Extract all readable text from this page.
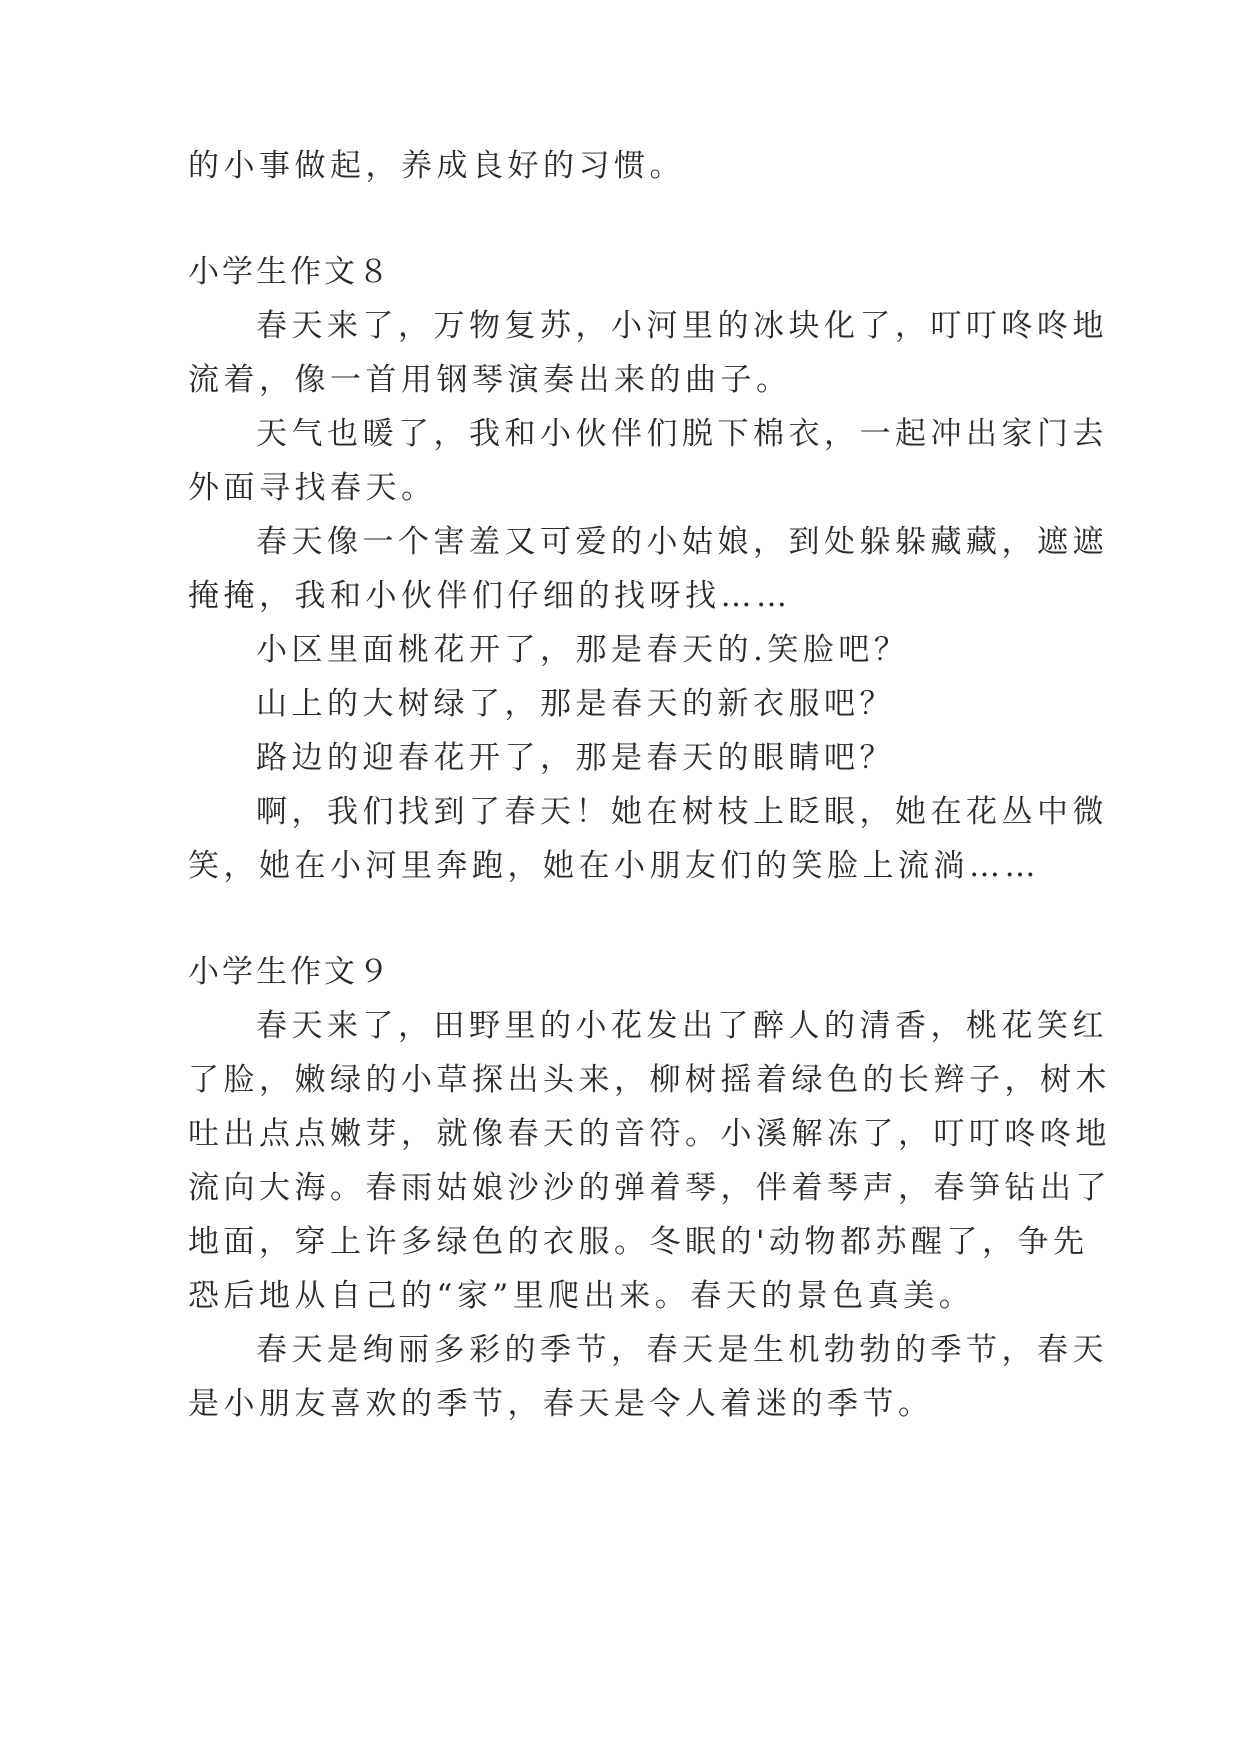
的小事做起，养成良好的习惯。

小学生作文８

春天来了，万物复苏，小河里的冰块化了，叮叮咚咚地

流着，像一首用钢琴演奏出来的曲子。

天气也暖了，我和小伙伴们脱下棉衣，一起冲出家门去

外面寻找春天。

春天像一个害羞又可爱的小姑娘，到处躲躲藏藏，遮遮

掩掩，我和小伙伴们仔细的找呀找……

小区里面桃花开了，那是春天的.笑脸吧？

山上的大树绿了，那是春天的新衣服吧？

路边的迎春花开了，那是春天的眼睛吧？

啊，我们找到了春天！她在树枝上眨眼，她在花丛中微

笑，她在小河里奔跑，她在小朋友们的笑脸上流淌……

小学生作文９

春天来了，田野里的小花发出了醉人的清香，桃花笑红

了脸，嫩绿的小草探出头来，柳树摇着绿色的长辫子，树木

吐出点点嫩芽，就像春天的音符。小溪解冻了，叮叮咚咚地

流向大海。春雨姑娘沙沙的弹着琴，伴着琴声，春笋钻出了

地面，穿上许多绿色的衣服。冬眠的'动物都苏醒了，争先

恐后地从自己的“家”里爬出来。春天的景色真美。

春天是绚丽多彩的季节，春天是生机勃勃的季节，春天

是小朋友喜欢的季节，春天是令人着迷的季节。
